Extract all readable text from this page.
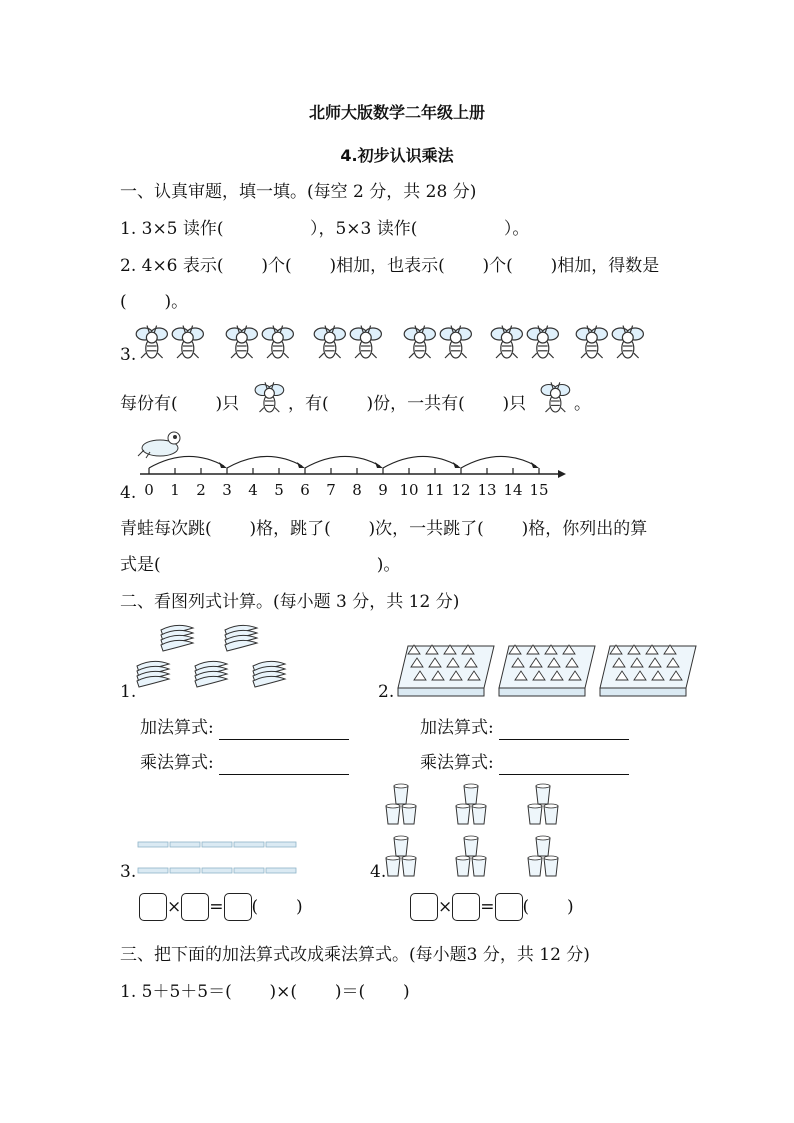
北师大版数学二年级上册
4.初步认识乘法
一、认真审题，填一填。(每空 2 分，共 28 分)
1. 3×5 读作(                ），5×3 读作(                ）。
2. 4×6 表示(       )个(       )相加，也表示(       )个(       )相加，得数是
(       )。
3.
每份有(       )只	，有(       )份，一共有(       )只	。
4. 0	1	2	3	4	5	6	7	8	9 10 11 12 13 14 15
青蛙每次跳(       )格，跳了(       )次，一共跳了(       )格，你列出的算
式是(                                        )。
二、看图列式计算。(每小题 3 分，共 12 分)
1.	2.
加法算式:
乘法算式:
加法算式:
乘法算式:
3.	4.
× = (       )	× = (       )
三、把下面的加法算式改成乘法算式。(每小题3 分，共 12 分)
1. 5＋5＋5＝(       )×(       )＝(       )
